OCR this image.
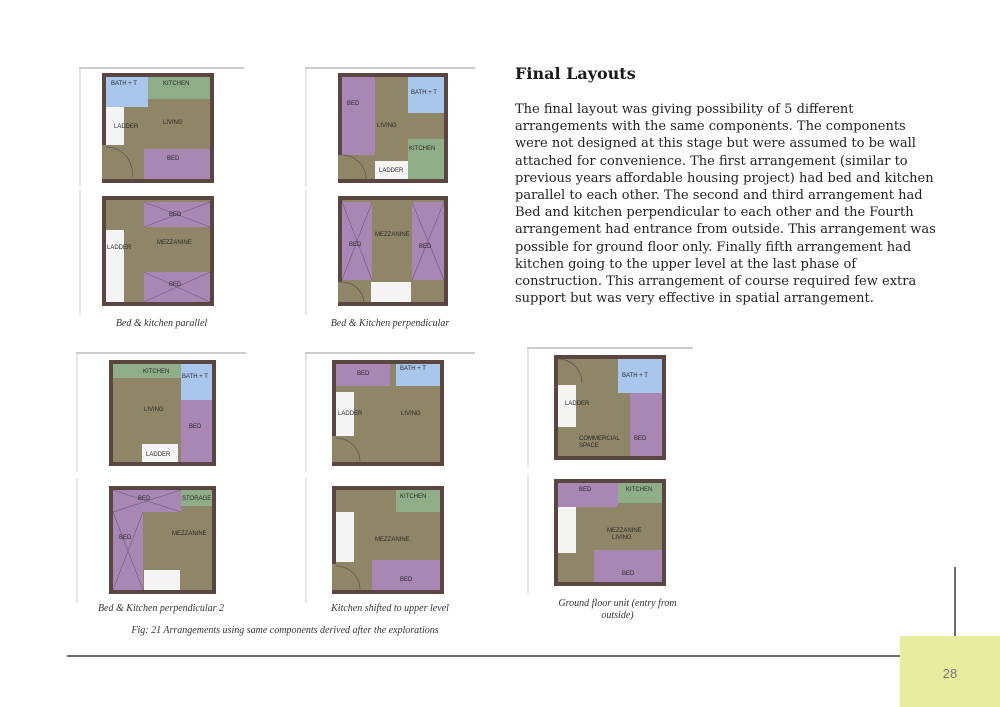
BATH + T	KITCHEN
LADDER
LIVING
BED
BED
LADDER
MEZZANINE
BED
BED
BATH + T
LIVING
KITCHEN
LADDER
MEZZANINE
BED	BED
Bed & kitchen parallel	Bed & Kitchen perpendicular
KITCHEN
BATH + T
LIVING
BED
LADDER
BED	STORAGE
BED
MEZZANINE
BED
BATH + T
LADDER	LIVING
KITCHEN
MEZZANINE
BED
BATH + T
LADDER
COMMERCIAL
SPACE
BED
BED	KITCHEN
MEZZANINE
LIVING
BED
Bed & Kitchen perpendicular 2	Kitchen shifted to upper level	Ground floor unit (entry from outside)
Fig: 21 Arrangements using same components derived after the explorations
Final Layouts

The final layout was giving possibility of 5 different arrangements with the same components. The components were not designed at this stage but were assumed to be wall attached for convenience. The first arrangement (similar to previous years affordable housing project) had bed and kitchen parallel to each other. The second and third arrangement had Bed and kitchen perpendicular to each other and the Fourth arrangement had entrance from outside. This arrangement was possible for ground floor only. Finally fifth arrangement had kitchen going to the upper level at the last phase of construction. This arrangement of course required few extra support but was very effective in spatial arrangement.

28
